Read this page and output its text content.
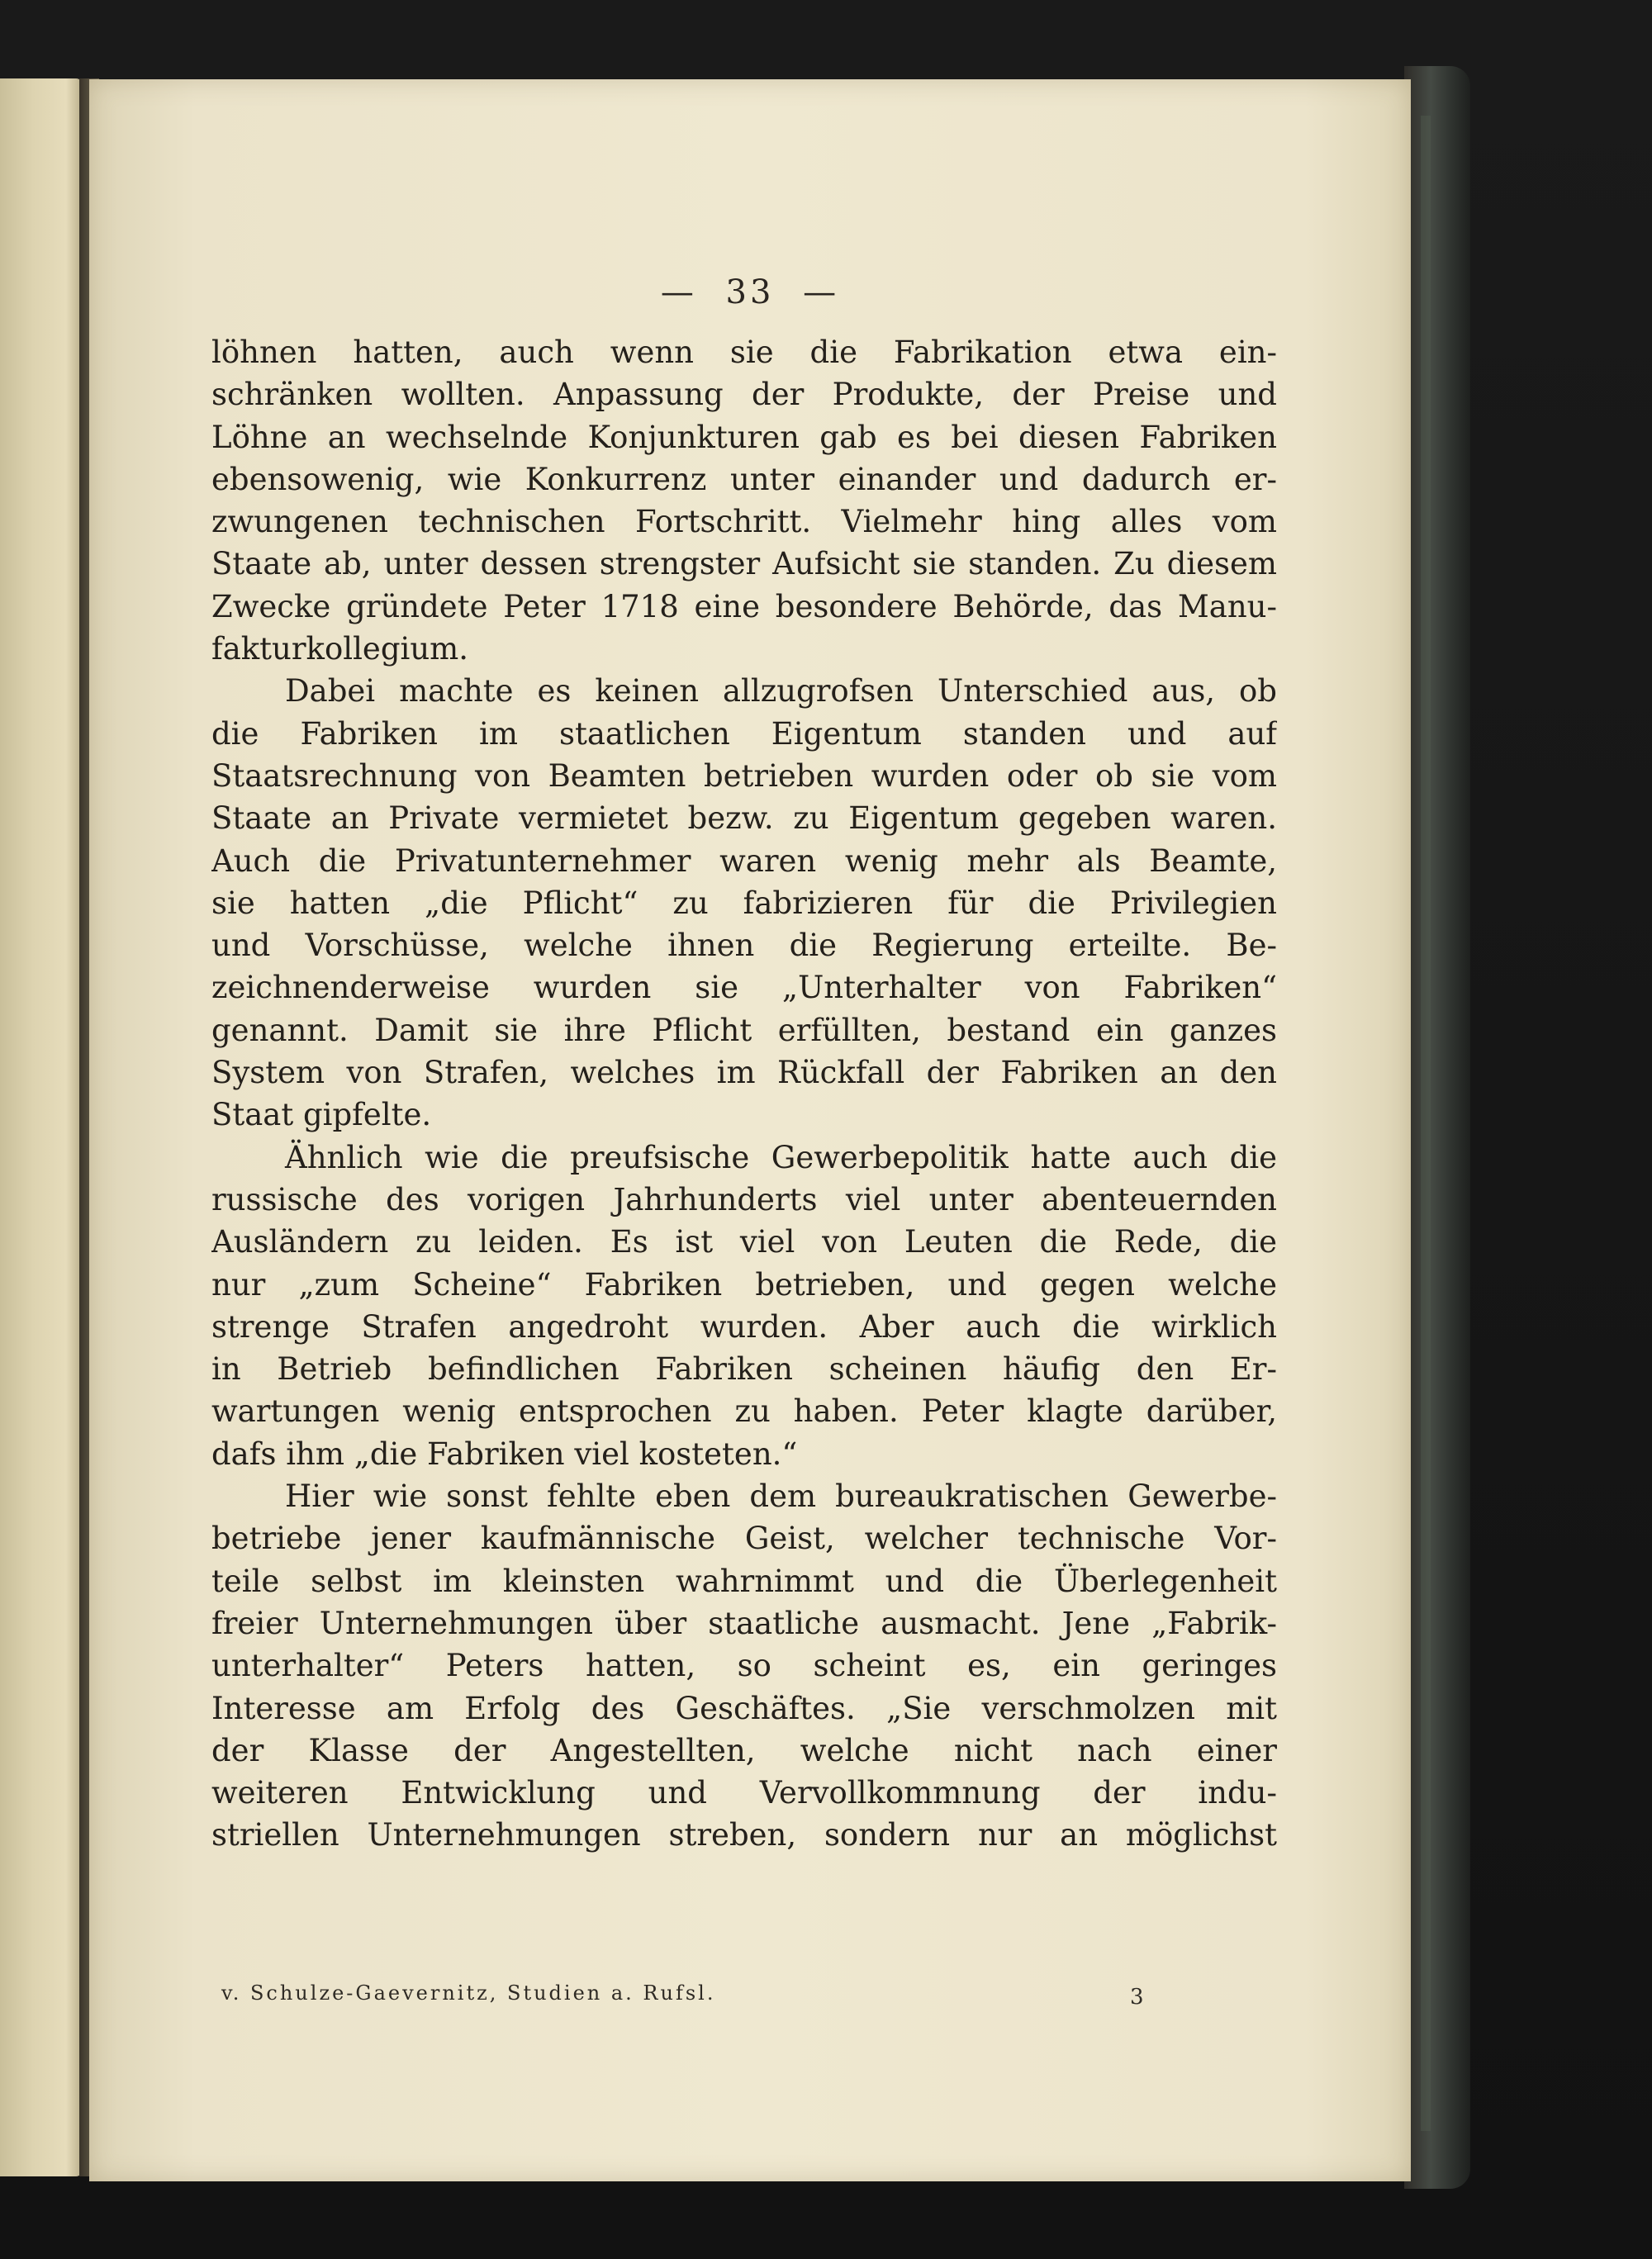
— 33 —
löhnen hatten, auch wenn sie die Fabrikation etwa ein-
schränken wollten. Anpassung der Produkte, der Preise und
Löhne an wechselnde Konjunkturen gab es bei diesen Fabriken
ebensowenig, wie Konkurrenz unter einander und dadurch er-
zwungenen technischen Fortschritt. Vielmehr hing alles vom
Staate ab, unter dessen strengster Aufsicht sie standen. Zu diesem
Zwecke gründete Peter 1718 eine besondere Behörde, das Manu-
fakturkollegium.
Dabei machte es keinen allzugrofsen Unterschied aus, ob
die Fabriken im staatlichen Eigentum standen und auf
Staatsrechnung von Beamten betrieben wurden oder ob sie vom
Staate an Private vermietet bezw. zu Eigentum gegeben waren.
Auch die Privatunternehmer waren wenig mehr als Beamte,
sie hatten „die Pflicht“ zu fabrizieren für die Privilegien
und Vorschüsse, welche ihnen die Regierung erteilte. Be-
zeichnenderweise wurden sie „Unterhalter von Fabriken“
genannt. Damit sie ihre Pflicht erfüllten, bestand ein ganzes
System von Strafen, welches im Rückfall der Fabriken an den
Staat gipfelte.
Ähnlich wie die preufsische Gewerbepolitik hatte auch die
russische des vorigen Jahrhunderts viel unter abenteuernden
Ausländern zu leiden. Es ist viel von Leuten die Rede, die
nur „zum Scheine“ Fabriken betrieben, und gegen welche
strenge Strafen angedroht wurden. Aber auch die wirklich
in Betrieb befindlichen Fabriken scheinen häufig den Er-
wartungen wenig entsprochen zu haben. Peter klagte darüber,
dafs ihm „die Fabriken viel kosteten.“
Hier wie sonst fehlte eben dem bureaukratischen Gewerbe-
betriebe jener kaufmännische Geist, welcher technische Vor-
teile selbst im kleinsten wahrnimmt und die Überlegenheit
freier Unternehmungen über staatliche ausmacht. Jene „Fabrik-
unterhalter“ Peters hatten, so scheint es, ein geringes
Interesse am Erfolg des Geschäftes. „Sie verschmolzen mit
der Klasse der Angestellten, welche nicht nach einer
weiteren Entwicklung und Vervollkommnung der indu-
striellen Unternehmungen streben, sondern nur an möglichst
v. Schulze-Gaevernitz, Studien a. Rufsl.	3
